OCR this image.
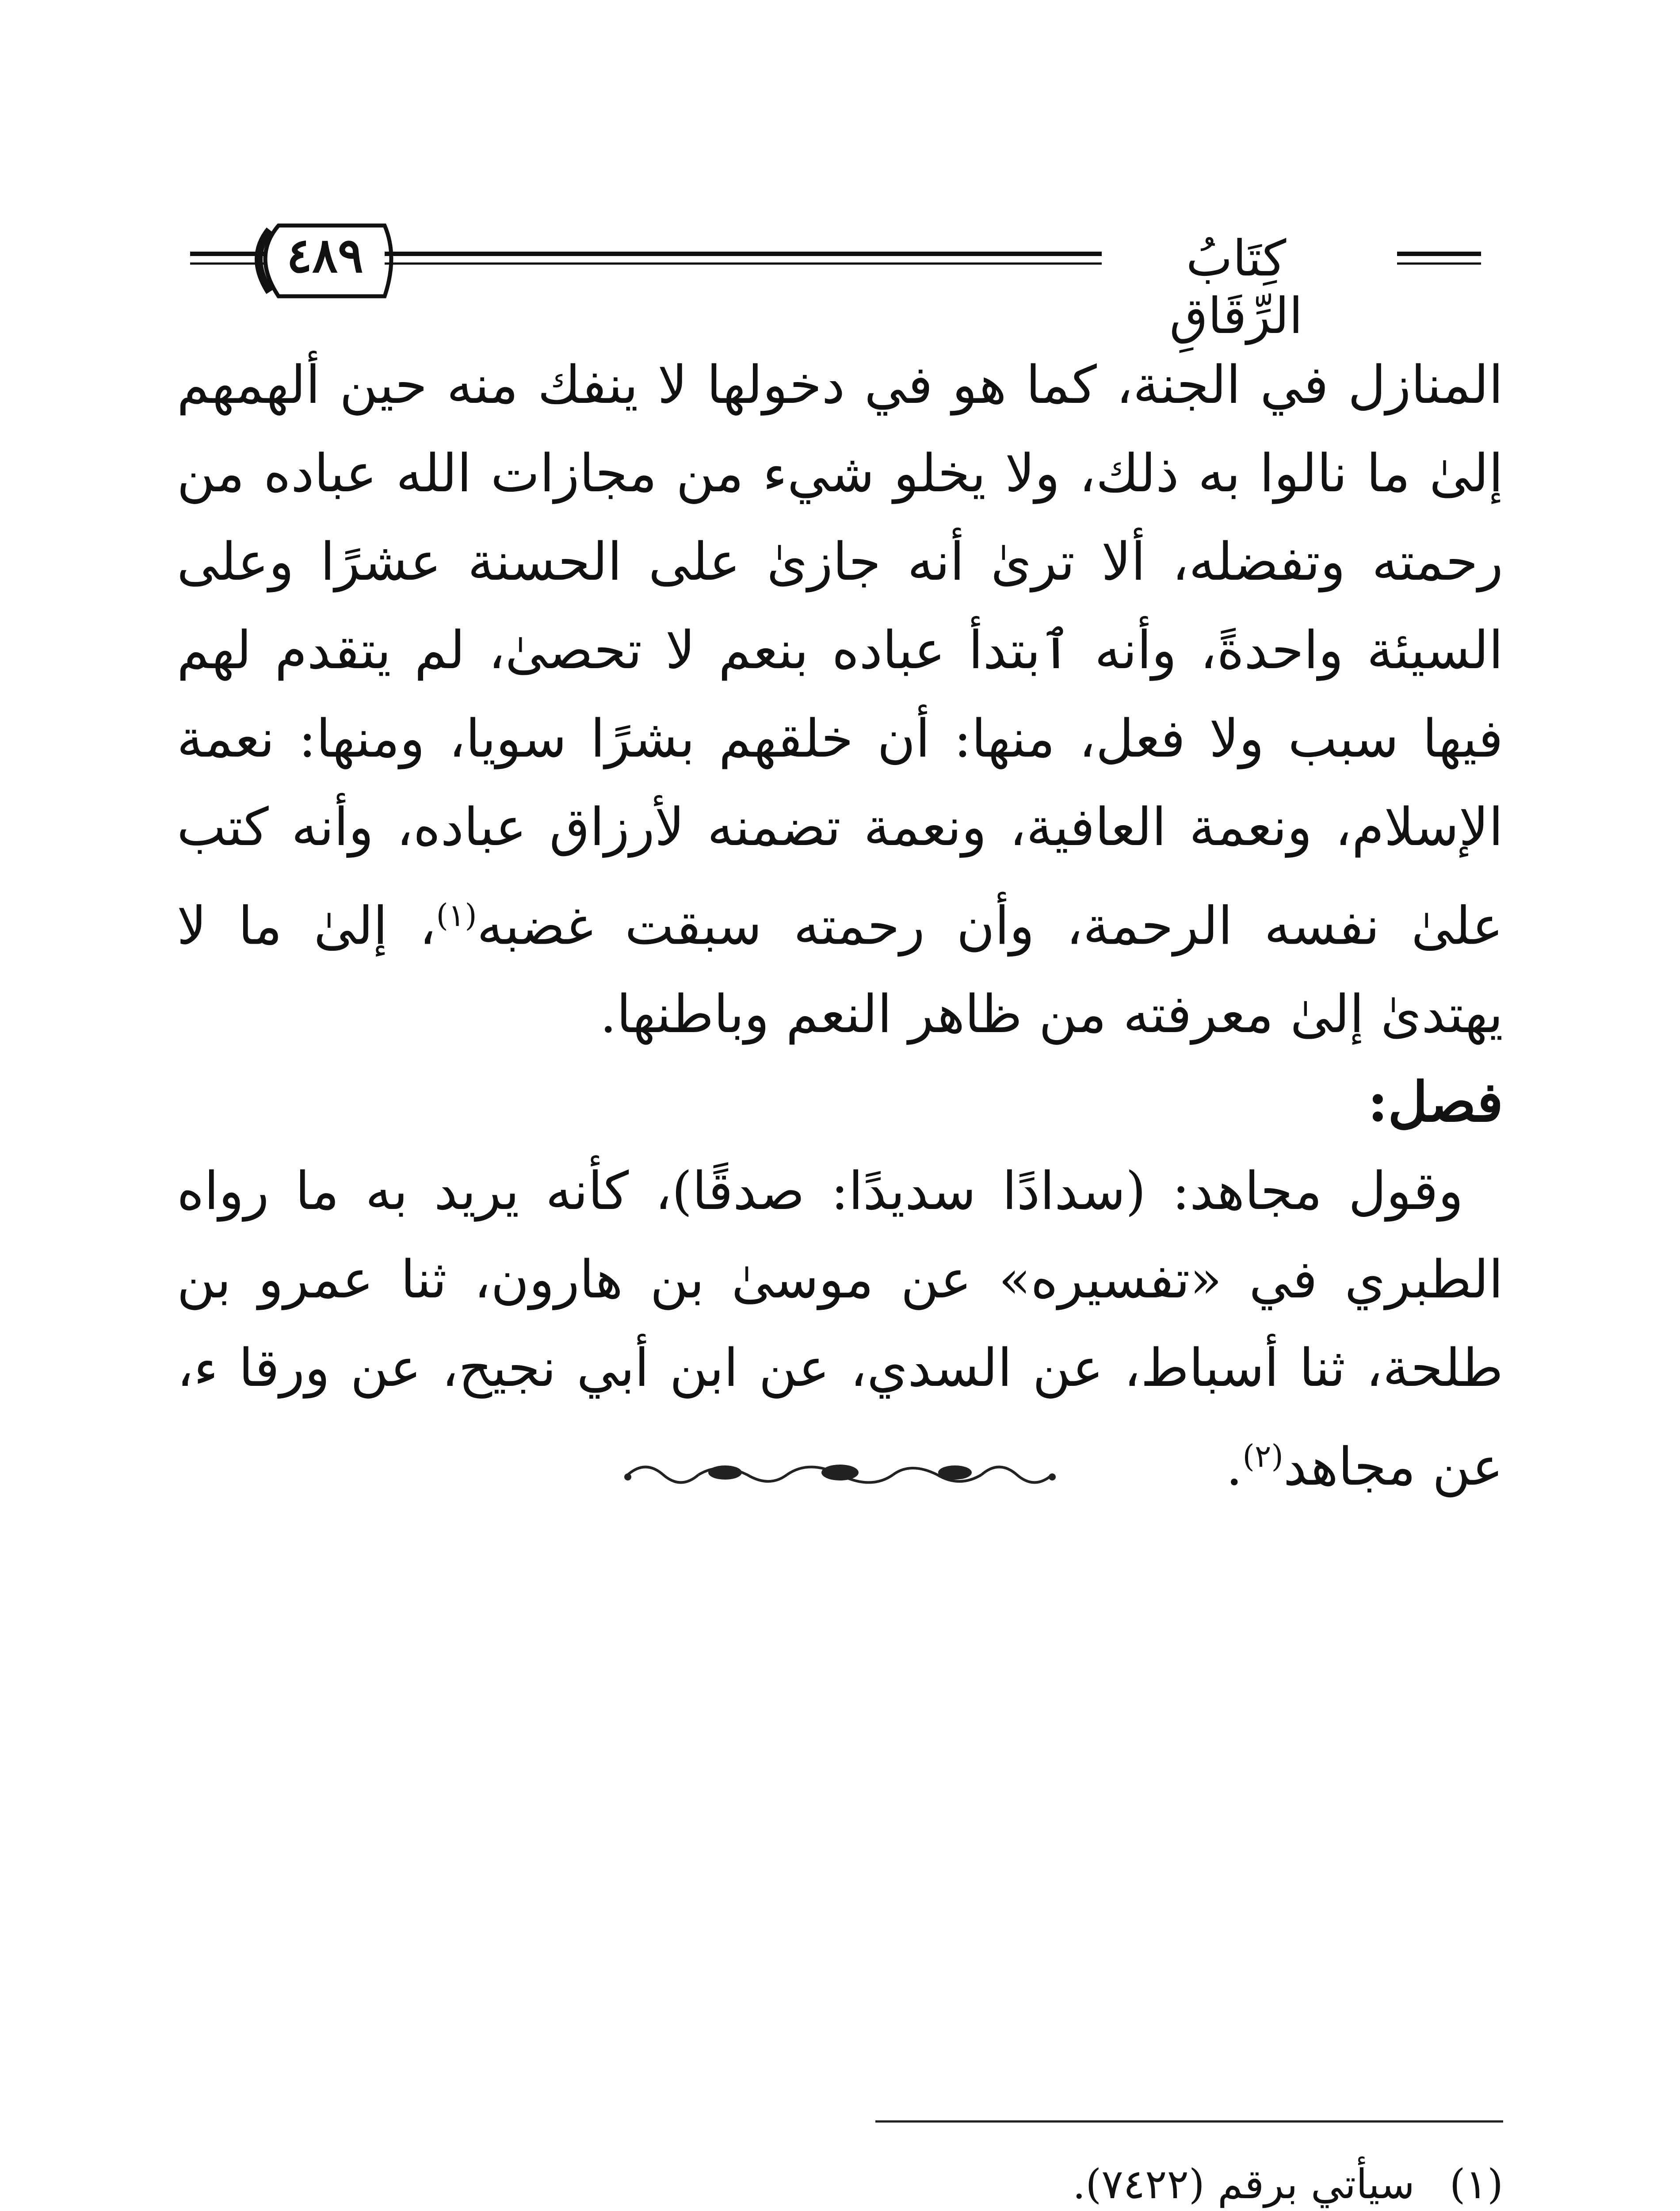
كِتَابُ الرِّقَاقِ
٤٨٩

المنازل في الجنة، كما هو في دخولها لا ينفك منه حين ألهمهم إلىٰ ما نالوا به ذلك، ولا يخلو شيء من مجازات الله عباده من رحمته وتفضله، ألا ترىٰ أنه جازىٰ على الحسنة عشرًا وعلى السيئة واحدةً، وأنه ٱبتدأ عباده بنعم لا تحصىٰ، لم يتقدم لهم فيها سبب ولا فعل، منها: أن خلقهم بشرًا سويا، ومنها: نعمة الإسلام، ونعمة العافية، ونعمة تضمنه لأرزاق عباده، وأنه كتب علىٰ نفسه الرحمة، وأن رحمته سبقت غضبه$^{(١)}$، إلىٰ ما لا يهتدىٰ إلىٰ معرفته من ظاهر النعم وباطنها.

فصل:

وقول مجاهد: (سدادًا سديدًا: صدقًا)، كأنه يريد به ما رواه الطبري في «تفسيره» عن موسىٰ بن هارون، ثنا عمرو بن طلحة، ثنا أسباط، عن السدي، عن ابن أبي نجيح، عن ورقا ء، عن مجاهد$^{(٢)}$.

(١)
سيأتي برقم (٧٤٢٢).
